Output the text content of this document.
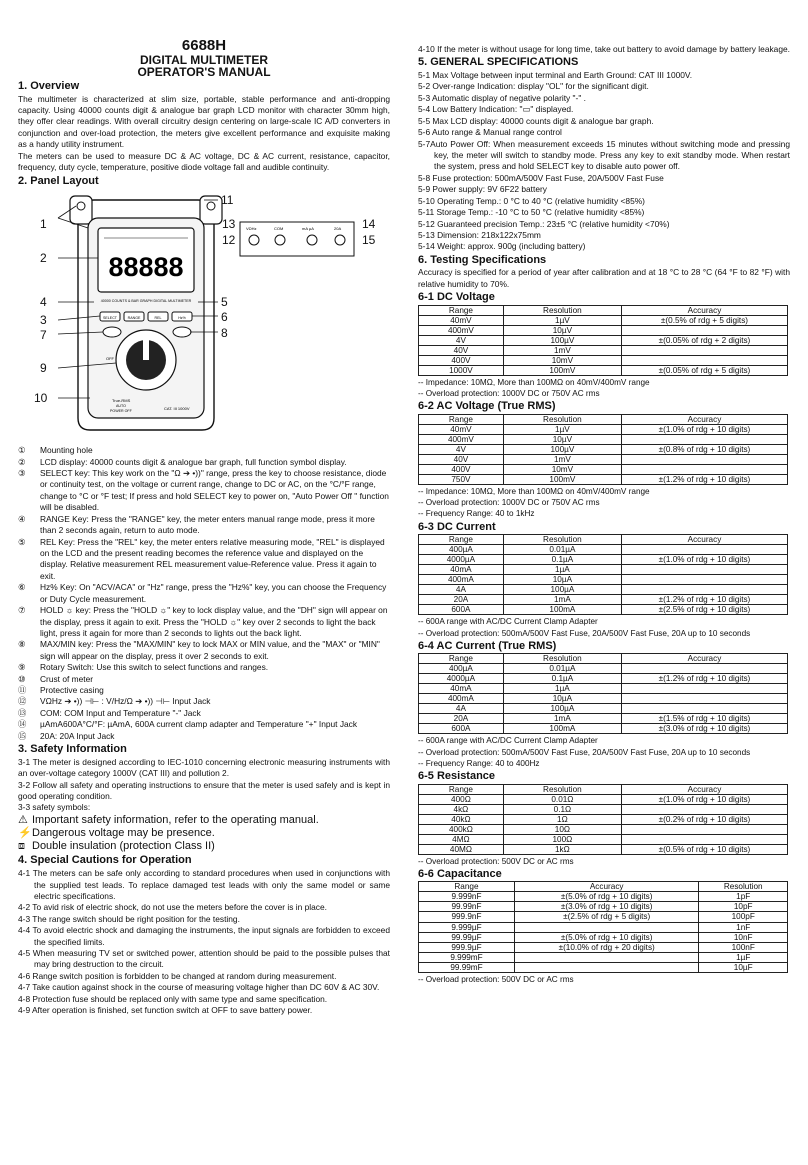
6688H
DIGITAL MULTIMETER
OPERATOR'S MANUAL
1. Overview

The multimeter is characterized at slim size, portable, stable performance and anti-dropping capacity. Using 40000 counts digit & analogue bar graph LCD monitor with character 30mm high, they offer clear readings. With overall circuitry design centering on large-scale IC A/D converters in conjunction and over-load protection, the meters give excellent performance and exquisite making as a handy utility instrument.

The meters can be used to measure DC & AC voltage, DC & AC current, resistance, capacitor, frequency, duty cycle, temperature, positive diode voltage fall and audible continuity.

2. Panel Layout
88888
40000 COUNTS & BAR GRAPH DIGITAL MULTIMETER
SELECT	RANGE	REL	Hz%
OFF
True-RMS
AUTO
POWER OFF	CAT. III 1000V
VΩHz	COM	mA µA	20A
1
2
4
3
7
9
10
11
5
6
8
13
12
14
15
① Mounting hole
② LCD display: 40000 counts digit & analogue bar graph, full function symbol display.
③ SELECT key: This key work on the "Ω ➔ •))" range, press the key to choose resistance, diode or continuity test, on the voltage or current range, change to DC or AC, on the °C/°F range, change to °C or °F test; If press and hold SELECT key to power on, "Auto Power Off " function will be disabled.
④ RANGE Key: Press the "RANGE" key, the meter enters manual range mode, press it more than 2 seconds again, return to auto mode.
⑤ REL Key: Press the "REL" key, the meter enters relative measuring mode, "REL" is displayed on the LCD and the present reading becomes the reference value and displayed on the display. Relative measurement REL measurement value-Reference value. Press it again to exit.
⑥ Hz% Key: On "ACV/ACA" or "Hz" range, press the "Hz%" key, you can choose the Frequency or Duty Cycle measurement.
⑦ HOLD ☼ key: Press the "HOLD ☼" key to lock display value, and the "DH" sign will appear on the display, press it again to exit. Press the "HOLD ☼" key over 2 seconds to light the back light, press it again for more than 2 seconds to lights out the back light.
⑧ MAX/MIN key: Press the "MAX/MIN" key to lock MAX or MIN value, and the "MAX" or "MIN" sign will appear on the display, press it over 2 seconds to exit.
⑨ Rotary Switch: Use this switch to select functions and ranges.
⑩ Crust of meter
⑪ Protective casing
⑫ VΩHz ➔ •)) ⊣⊢ : V/Hz/Ω ➔ •)) ⊣⊢ Input Jack
⑬ COM: COM Input and Temperature "-" Jack
⑭ µAmA600A°C/°F: µAmA, 600A current clamp adapter and Temperature "+" Input Jack
⑮ 20A: 20A Input Jack
3. Safety Information

3-1 The meter is designed according to IEC-1010 concerning electronic measuring instruments with an over-voltage category 1000V (CAT III) and pollution 2.

3-2 Follow all safety and operating instructions to ensure that the meter is used safely and is kept in good operating condition.

3-3 safety symbols:

⚠ Important safety information, refer to the operating manual.
⚡ Dangerous voltage may be presence.
⧈ Double insulation (protection Class II)
4. Special Cautions for Operation

4-1 The meters can be safe only according to standard procedures when used in conjunctions with the supplied test leads. To replace damaged test leads with only the same model or same electric specifications.

4-2 To avid risk of electric shock, do not use the meters before the cover is in place.

4-3 The range switch should be right position for the testing.

4-4 To avoid electric shock and damaging the instruments, the input signals are forbidden to exceed the specified limits.

4-5 When measuring TV set or switched power, attention should be paid to the possible pulses that may bring destruction to the circuit.

4-6 Range switch position is forbidden to be changed at random during measurement.

4-7 Take caution against shock in the course of measuring voltage higher than DC 60V & AC 30V.

4-8 Protection fuse should be replaced only with same type and same specification.

4-9 After operation is finished, set function switch at OFF to save battery power.

4-10 If the meter is without usage for long time, take out battery to avoid damage by battery leakage.

5. GENERAL SPECIFICATIONS

5-1 Max Voltage between input terminal and Earth Ground: CAT III 1000V.

5-2 Over-range Indication: display "OL" for the significant digit.

5-3 Automatic display of negative polarity "-" .

5-4 Low Battery Indication: "▭" displayed.

5-5 Max LCD display: 40000 counts digit & analogue bar graph.

5-6 Auto range & Manual range control

5-7Auto Power Off: When measurement exceeds 15 minutes without switching mode and pressing key, the meter will switch to standby mode. Press any key to exit standby mode. When restart the system, press and hold SELECT key to disable auto power off.

5-8 Fuse protection: 500mA/500V Fast Fuse, 20A/500V Fast Fuse

5-9 Power supply: 9V 6F22 battery

5-10 Operating Temp.: 0 °C to 40 °C (relative humidity <85%)

5-11 Storage Temp.: -10 °C to 50 °C (relative humidity <85%)

5-12 Guaranteed precision Temp.: 23±5 °C (relative humidity <70%)

5-13 Dimension: 218x122x75mm

5-14 Weight: approx. 900g (including battery)

6. Testing Specifications

Accuracy is specified for a period of year after calibration and at 18 °C to 28 °C (64 °F to 82 °F) with relative humidity to 70%.

6-1 DC Voltage
Range	Resolution	Accuracy
40mV	1µV	±(0.5% of rdg + 5 digits)
400mV	10µV	
4V	100µV	±(0.05% of rdg + 2 digits)
40V	1mV	
400V	10mV	
1000V	100mV	±(0.05% of rdg + 5 digits)
-- Impedance: 10MΩ, More than 100MΩ on 40mV/400mV range
-- Overload protection: 1000V DC or 750V AC rms
6-2 AC Voltage (True RMS)
Range	Resolution	Accuracy
40mV	1µV	±(1.0% of rdg + 10 digits)
400mV	10µV	
4V	100µV	±(0.8% of rdg + 10 digits)
40V	1mV	
400V	10mV	
750V	100mV	±(1.2% of rdg + 10 digits)
-- Impedance: 10MΩ, More than 100MΩ on 40mV/400mV range
-- Overload protection: 1000V DC or 750V AC rms
-- Frequency Range: 40 to 1kHz
6-3 DC Current
Range	Resolution	Accuracy
400µA	0.01µA	
4000µA	0.1µA	±(1.0% of rdg + 10 digits)
40mA	1µA	
400mA	10µA	
4A	100µA	
20A	1mA	±(1.2% of rdg + 10 digits)
600A	100mA	±(2.5% of rdg + 10 digits)
-- 600A range with AC/DC Current Clamp Adapter
-- Overload protection: 500mA/500V Fast Fuse, 20A/500V Fast Fuse, 20A up to 10 seconds
6-4 AC Current (True RMS)
Range	Resolution	Accuracy
400µA	0.01µA	
4000µA	0.1µA	±(1.2% of rdg + 10 digits)
40mA	1µA	
400mA	10µA	
4A	100µA	
20A	1mA	±(1.5% of rdg + 10 digits)
600A	100mA	±(3.0% of rdg + 10 digits)
-- 600A range with AC/DC Current Clamp Adapter
-- Overload protection: 500mA/500V Fast Fuse, 20A/500V Fast Fuse, 20A up to 10 seconds
-- Frequency Range: 40 to 400Hz
6-5 Resistance
Range	Resolution	Accuracy
400Ω	0.01Ω	±(1.0% of rdg + 10 digits)
4kΩ	0.1Ω	
40kΩ	1Ω	±(0.2% of rdg + 10 digits)
400kΩ	10Ω	
4MΩ	100Ω	
40MΩ	1kΩ	±(0.5% of rdg + 10 digits)
-- Overload protection: 500V DC or AC rms
6-6 Capacitance
Range	Accuracy	Resolution
9.999nF	±(5.0% of rdg + 10 digits)	1pF
99.99nF	±(3.0% of rdg + 10 digits)	10pF
999.9nF	±(2.5% of rdg + 5 digits)	100pF
9.999µF		1nF
99.99µF	±(5.0% of rdg + 10 digits)	10nF
999.9µF	±(10.0% of rdg + 20 digits)	100nF
9.999mF		1µF
99.99mF		10µF
-- Overload protection: 500V DC or AC rms
